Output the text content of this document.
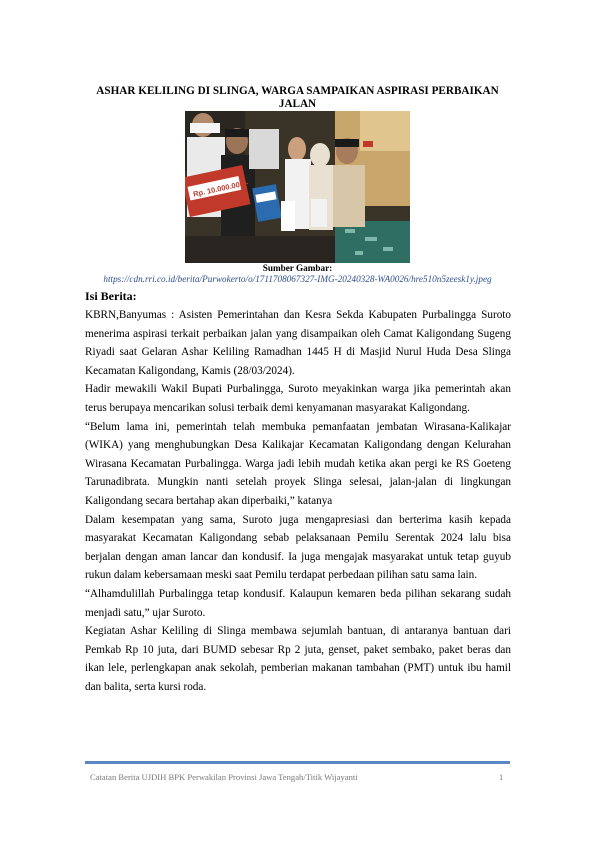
ASHAR KELILING DI SLINGA, WARGA SAMPAIKAN ASPIRASI PERBAIKAN JALAN
Rp. 10.000.000,-
Sumber Gambar:
https://cdn.rri.co.id/berita/Purwokerto/o/1711708067327-IMG-20240328-WA0026/hre510n5zeesk1y.jpeg
Isi Berita:

KBRN,Banyumas : Asisten Pemerintahan dan Kesra Sekda Kabupaten Purbalingga Suroto menerima aspirasi terkait perbaikan jalan yang disampaikan oleh Camat Kaligondang Sugeng Riyadi saat Gelaran Ashar Keliling Ramadhan 1445 H di Masjid Nurul Huda Desa Slinga Kecamatan Kaligondang, Kamis (28/03/2024).

Hadir mewakili Wakil Bupati Purbalingga, Suroto meyakinkan warga jika pemerintah akan terus berupaya mencarikan solusi terbaik demi kenyamanan masyarakat Kaligondang.

“Belum lama ini, pemerintah telah membuka pemanfaatan jembatan Wirasana-Kalikajar (WIKA) yang menghubungkan Desa Kalikajar Kecamatan Kaligondang dengan Kelurahan Wirasana Kecamatan Purbalingga. Warga jadi lebih mudah ketika akan pergi ke RS Goeteng Tarunadibrata. Mungkin nanti setelah proyek Slinga selesai, jalan-jalan di lingkungan Kaligondang secara bertahap akan diperbaiki,” katanya

Dalam kesempatan yang sama, Suroto juga mengapresiasi dan berterima kasih kepada masyarakat Kecamatan Kaligondang sebab pelaksanaan Pemilu Serentak 2024 lalu bisa berjalan dengan aman lancar dan kondusif. Ia juga mengajak masyarakat untuk tetap guyub rukun dalam kebersamaan meski saat Pemilu terdapat perbedaan pilihan satu sama lain.

“Alhamdulillah Purbalingga tetap kondusif. Kalaupun kemaren beda pilihan sekarang sudah menjadi satu,” ujar Suroto.

Kegiatan Ashar Keliling di Slinga membawa sejumlah bantuan, di antaranya bantuan dari Pemkab Rp 10 juta, dari BUMD sebesar Rp 2 juta, genset, paket sembako, paket beras dan ikan lele, perlengkapan anak sekolah, pemberian makanan tambahan (PMT) untuk ibu hamil dan balita, serta kursi roda.

Catatan Berita UJDIH BPK Perwakilan Provinsi Jawa Tengah/Titik Wijayanti	1
